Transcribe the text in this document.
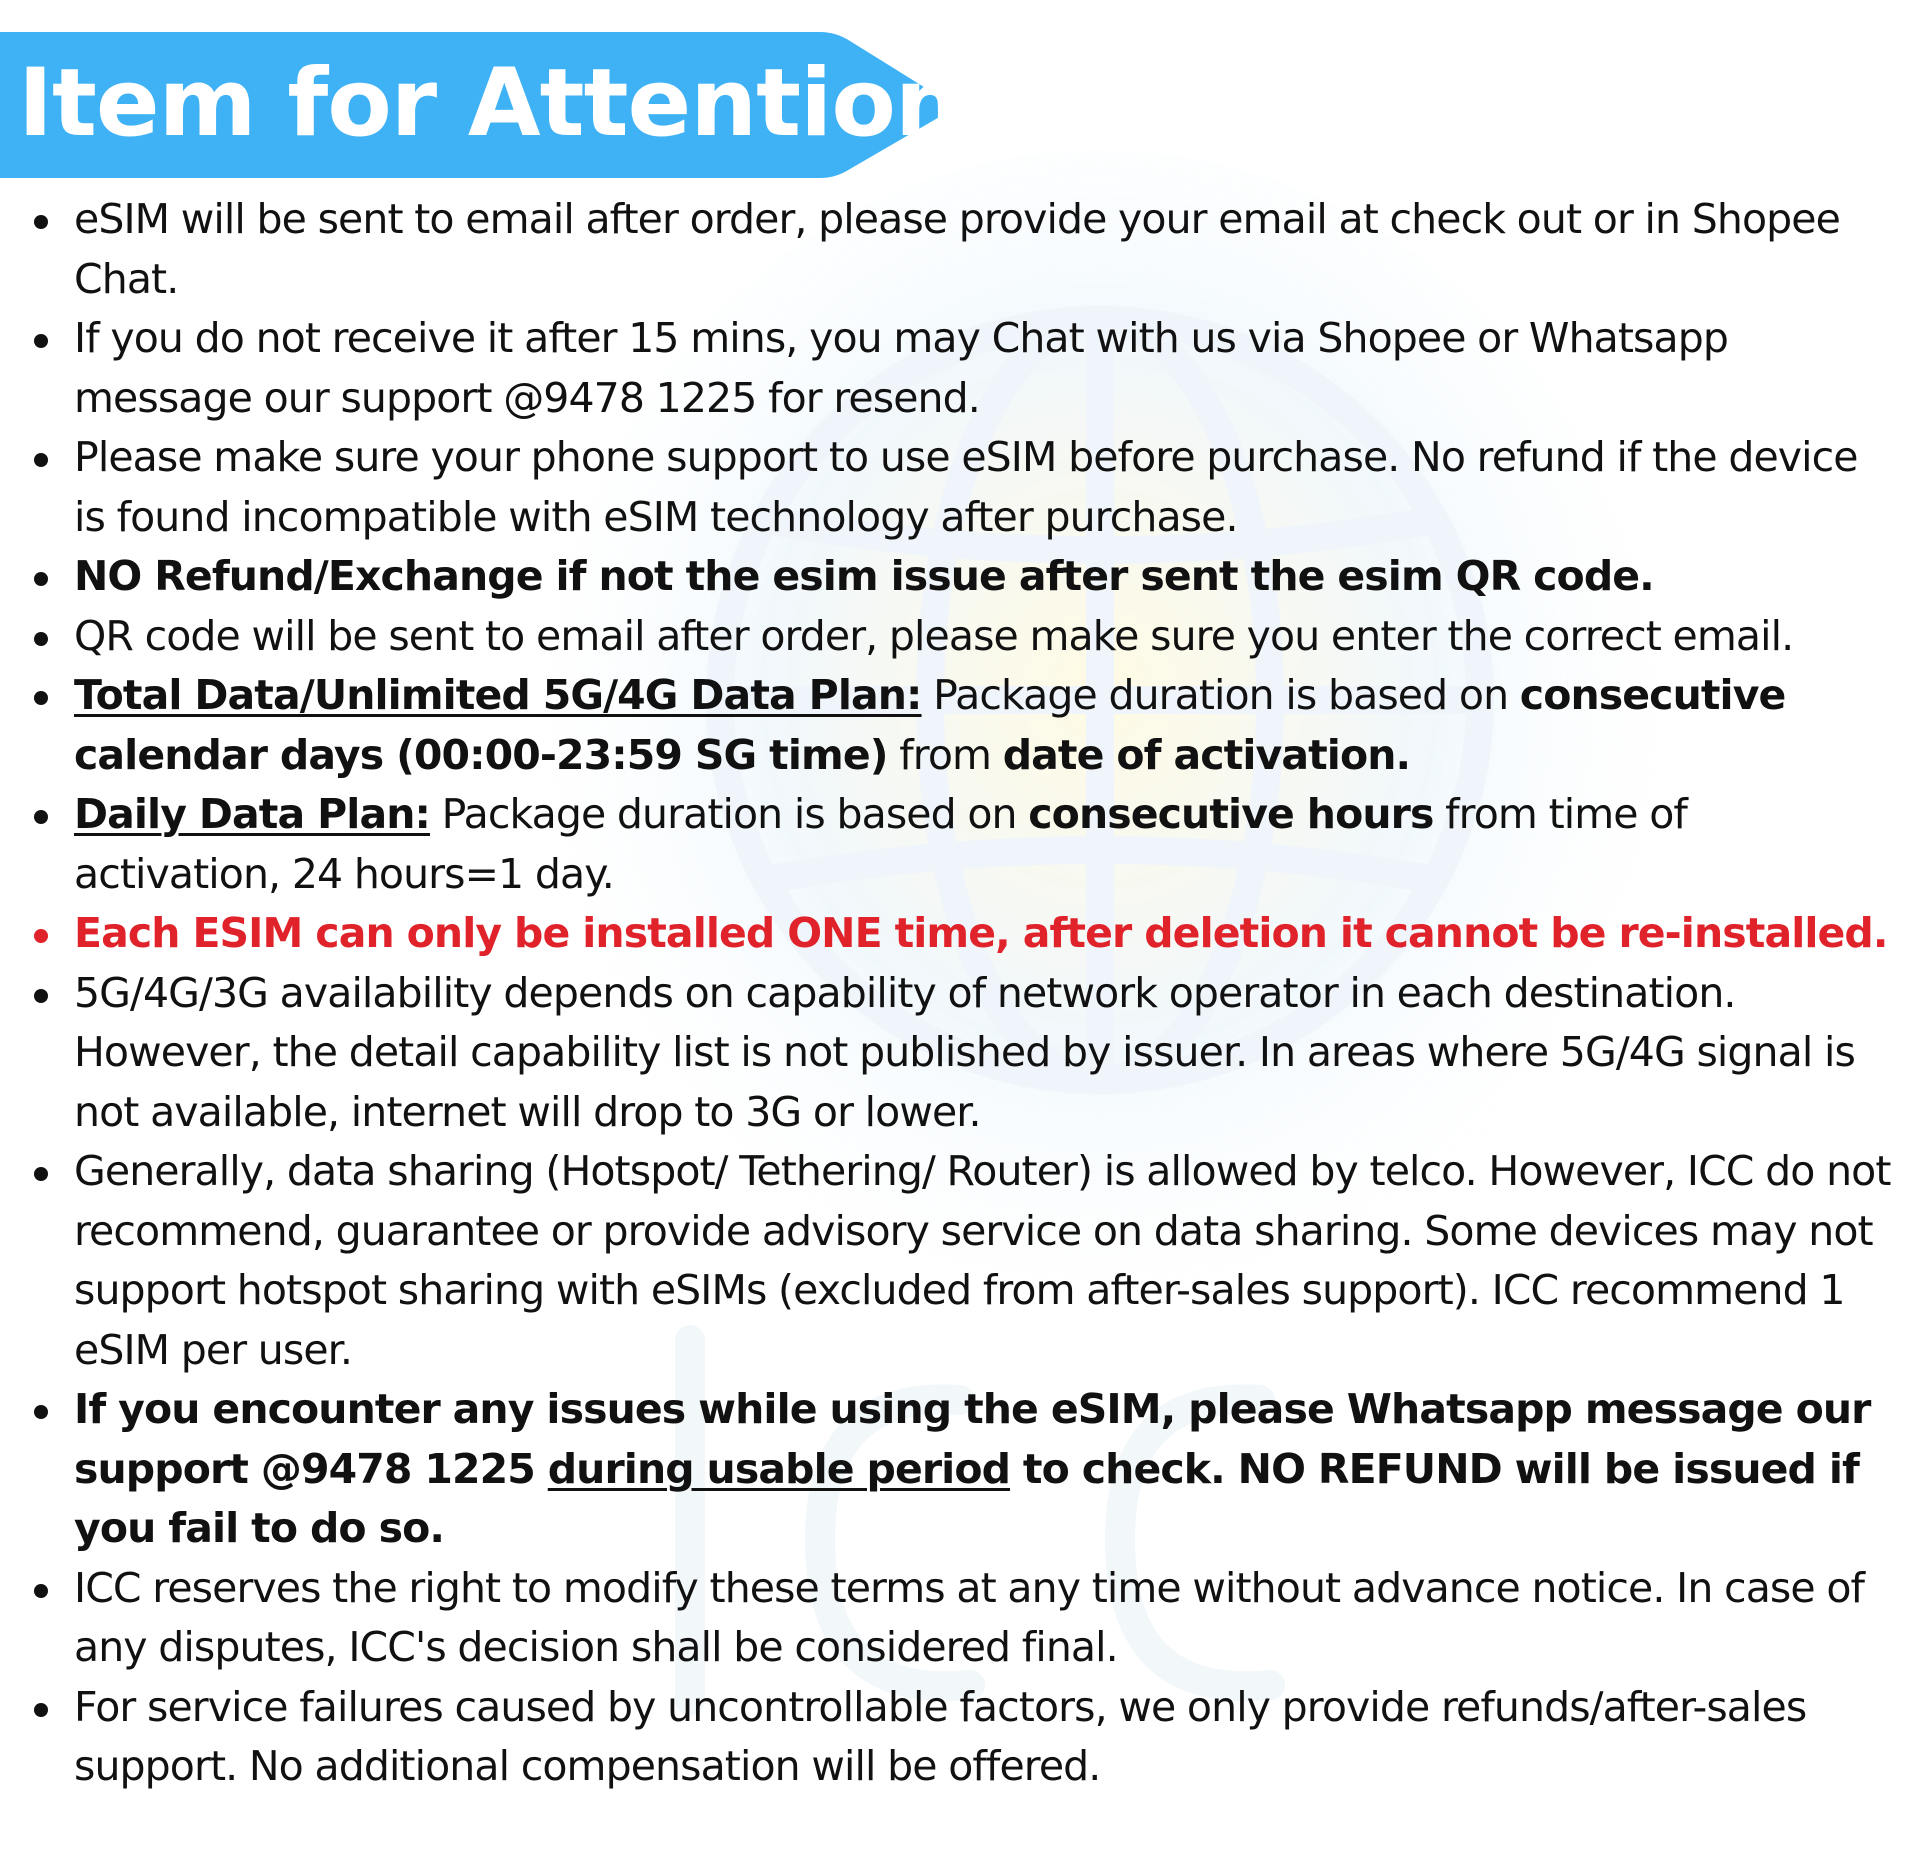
Item for Attention
eSIM will be sent to email after order, please provide your email at check out or in Shopee Chat.
If you do not receive it after 15 mins, you may Chat with us via Shopee or Whatsapp message our support @9478 1225 for resend.
Please make sure your phone support to use eSIM before purchase. No refund if the device is found incompatible with eSIM technology after purchase.
NO Refund/Exchange if not the esim issue after sent the esim QR code.
QR code will be sent to email after order, please make sure you enter the correct email.
Total Data/Unlimited 5G/4G Data Plan: Package duration is based on consecutive calendar days (00:00-23:59 SG time) from date of activation.
Daily Data Plan: Package duration is based on consecutive hours from time of activation, 24 hours=1 day.
Each ESIM can only be installed ONE time, after deletion it cannot be re-installed.
5G/4G/3G availability depends on capability of network operator in each destination. However, the detail capability list is not published by issuer. In areas where 5G/4G signal is not available, internet will drop to 3G or lower.
Generally, data sharing (Hotspot/ Tethering/ Router) is allowed by telco. However, ICC do not recommend, guarantee or provide advisory service on data sharing. Some devices may not support hotspot sharing with eSIMs (excluded from after-sales support). ICC recommend 1 eSIM per user.
If you encounter any issues while using the eSIM, please Whatsapp message our support @9478 1225 during usable period to check. NO REFUND will be issued if you fail to do so.
ICC reserves the right to modify these terms at any time without advance notice. In case of any disputes, ICC's decision shall be considered final.
For service failures caused by uncontrollable factors, we only provide refunds/after-sales support. No additional compensation will be offered.
